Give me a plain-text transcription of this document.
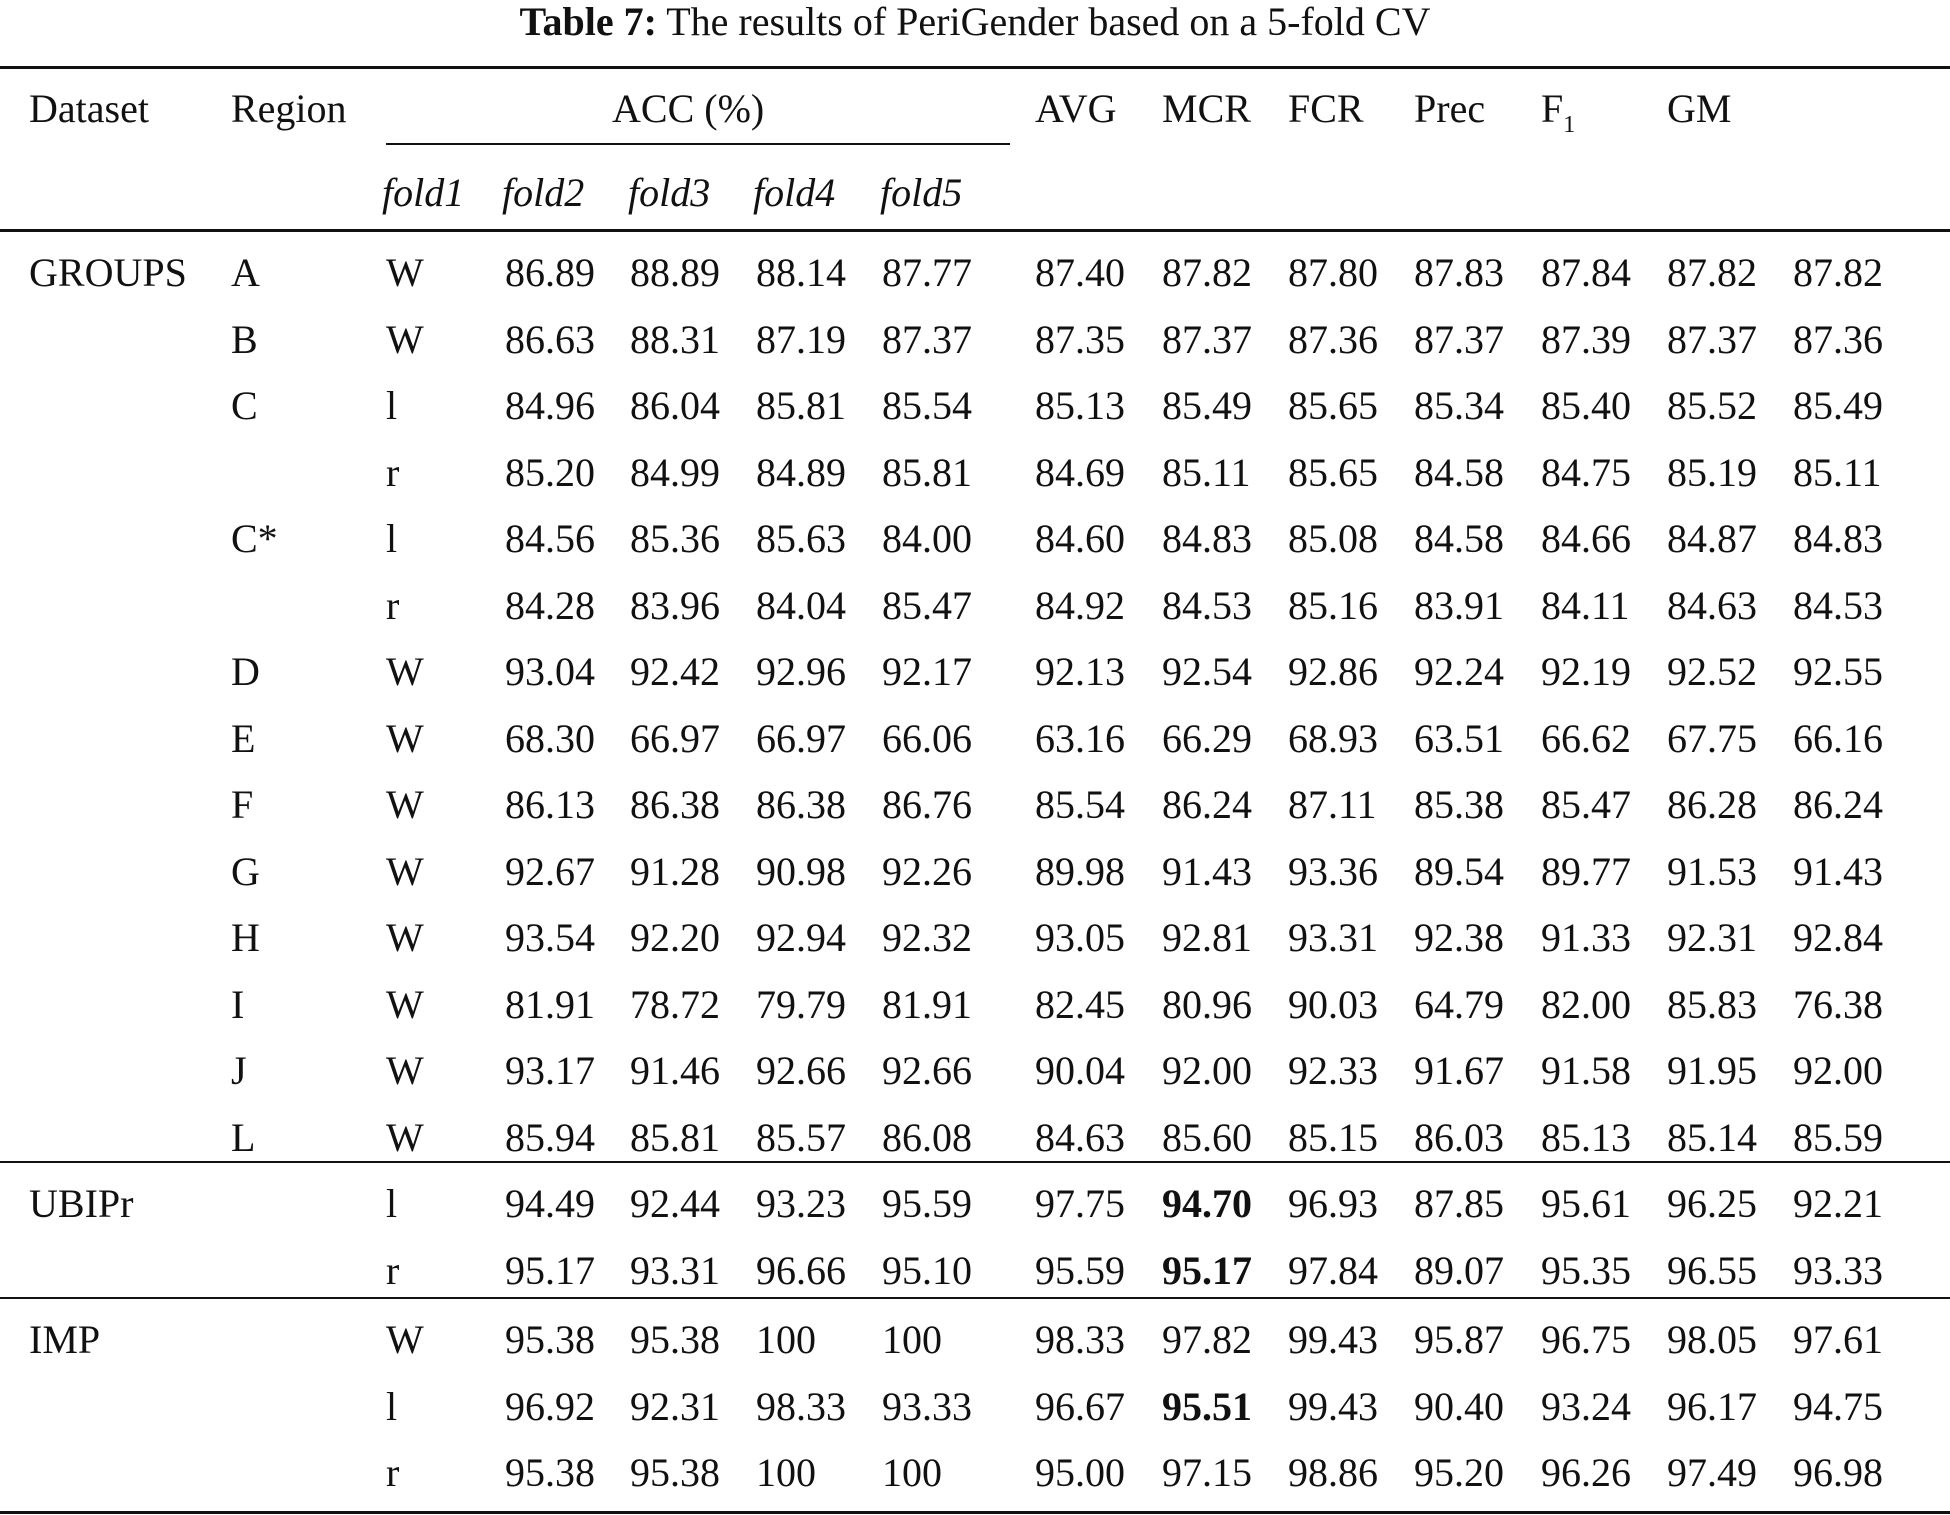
Table 7: The results of PeriGender based on a 5-fold CV
Dataset Region	ACC (%)	AVG MCR FCR Prec $F_1$ GM
fold1 fold2 fold3 fold4 fold5
GROUPS A	W 86.89 88.89 88.14 87.77 87.40 87.82 87.80 87.83 87.84 87.82 87.82
B	W 86.63 88.31 87.19 87.37 87.35 87.37 87.36 87.37 87.39 87.37 87.36
C	l	84.96 86.04 85.81 85.54 85.13 85.49 85.65 85.34 85.40 85.52 85.49
r	85.20 84.99 84.89 85.81 84.69 85.11 85.65 84.58 84.75 85.19 85.11
C*	l	84.56 85.36 85.63 84.00 84.60 84.83 85.08 84.58 84.66 84.87 84.83
r	84.28 83.96 84.04 85.47 84.92 84.53 85.16 83.91 84.11 84.63 84.53
D	W 93.04 92.42 92.96 92.17 92.13 92.54 92.86 92.24 92.19 92.52 92.55
E	W 68.30 66.97 66.97 66.06 63.16 66.29 68.93 63.51 66.62 67.75 66.16
F	W 86.13 86.38 86.38 86.76 85.54 86.24 87.11 85.38 85.47 86.28 86.24
G	W 92.67 91.28 90.98 92.26 89.98 91.43 93.36 89.54 89.77 91.53 91.43
H	W 93.54 92.20 92.94 92.32 93.05 92.81 93.31 92.38 91.33 92.31 92.84
I	W 81.91 78.72 79.79 81.91 82.45 80.96 90.03 64.79 82.00 85.83 76.38
J	W 93.17 91.46 92.66 92.66 90.04 92.00 92.33 91.67 91.58 91.95 92.00
L	W 85.94 85.81 85.57 86.08 84.63 85.60 85.15 86.03 85.13 85.14 85.59
UBIPr	l	94.49 92.44 93.23 95.59 97.75 94.70 96.93 87.85 95.61 96.25 92.21
r	95.17 93.31 96.66 95.10 95.59 95.17 97.84 89.07 95.35 96.55 93.33
IMP	W 95.38 95.38 100 100 98.33 97.82 99.43 95.87 96.75 98.05 97.61
l	96.92 92.31 98.33 93.33 96.67 95.51 99.43 90.40 93.24 96.17 94.75
r	95.38 95.38 100 100 95.00 97.15 98.86 95.20 96.26 97.49 96.98
